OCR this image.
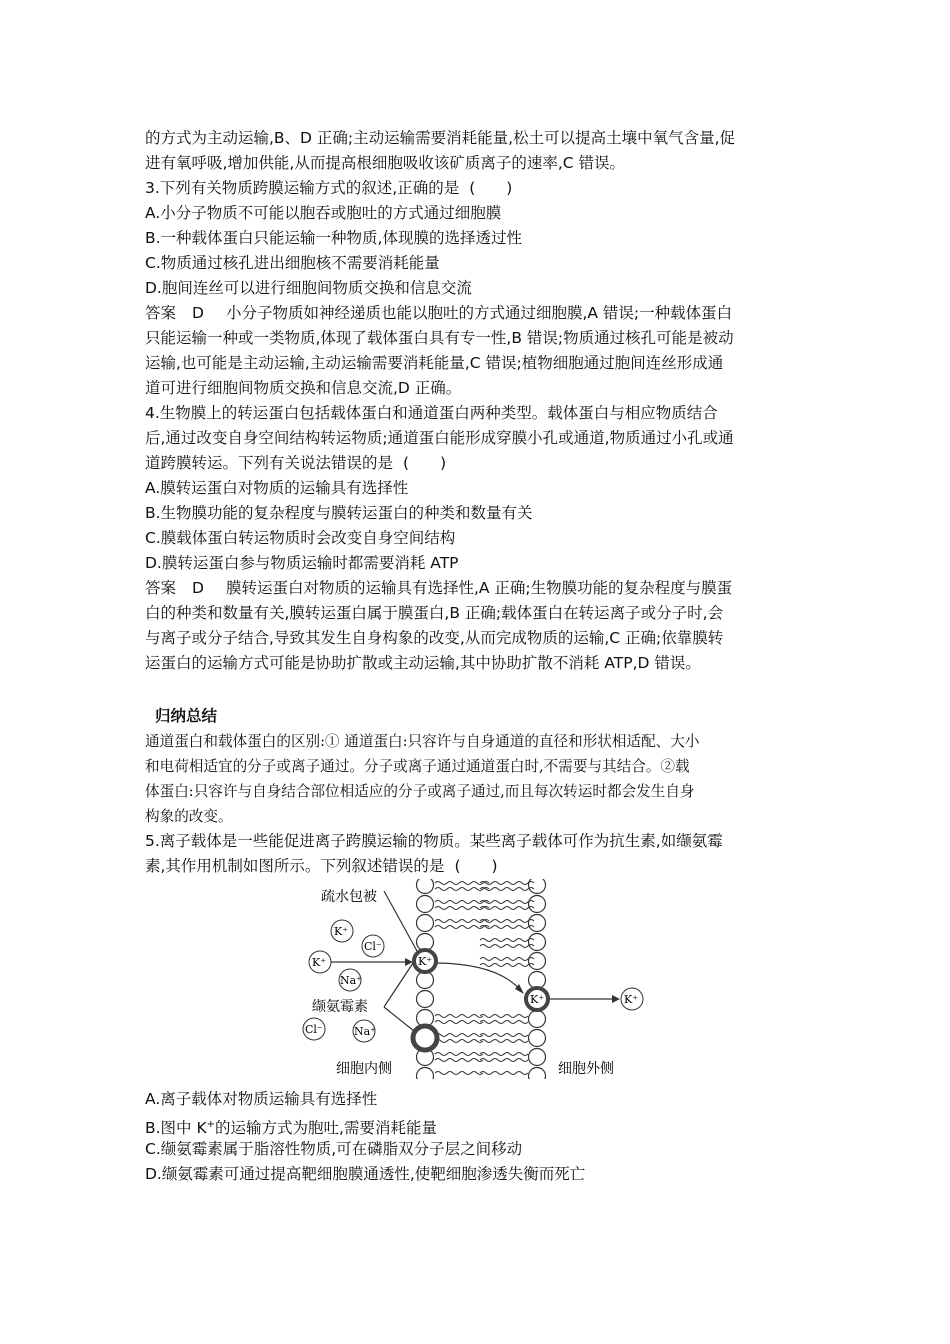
的方式为主动运输,B、D 正确;主动运输需要消耗能量,松土可以提高土壤中氧气含量,促
进有氧呼吸,增加供能,从而提高根细胞吸收该矿质离子的速率,C 错误。
3.下列有关物质跨膜运输方式的叙述,正确的是 (　　)
A.小分子物质不可能以胞吞或胞吐的方式通过细胞膜
B.一种载体蛋白只能运输一种物质,体现膜的选择透过性
C.物质通过核孔进出细胞核不需要消耗能量
D.胞间连丝可以进行细胞间物质交换和信息交流
答案 D 小分子物质如神经递质也能以胞吐的方式通过细胞膜,A 错误;一种载体蛋白
只能运输一种或一类物质,体现了载体蛋白具有专一性,B 错误;物质通过核孔可能是被动
运输,也可能是主动运输,主动运输需要消耗能量,C 错误;植物细胞通过胞间连丝形成通
道可进行细胞间物质交换和信息交流,D 正确。
4.生物膜上的转运蛋白包括载体蛋白和通道蛋白两种类型。载体蛋白与相应物质结合
后,通过改变自身空间结构转运物质;通道蛋白能形成穿膜小孔或通道,物质通过小孔或通
道跨膜转运。下列有关说法错误的是 (　　)
A.膜转运蛋白对物质的运输具有选择性
B.生物膜功能的复杂程度与膜转运蛋白的种类和数量有关
C.膜载体蛋白转运物质时会改变自身空间结构
D.膜转运蛋白参与物质运输时都需要消耗 ATP
答案 D 膜转运蛋白对物质的运输具有选择性,A 正确;生物膜功能的复杂程度与膜蛋
白的种类和数量有关,膜转运蛋白属于膜蛋白,B 正确;载体蛋白在转运离子或分子时,会
与离子或分子结合,导致其发生自身构象的改变,从而完成物质的运输,C 正确;依靠膜转
运蛋白的运输方式可能是协助扩散或主动运输,其中协助扩散不消耗 ATP,D 错误。
归纳总结
通道蛋白和载体蛋白的区别:① 通道蛋白:只容许与自身通道的直径和形状相适配、大小
和电荷相适宜的分子或离子通过。分子或离子通过通道蛋白时,不需要与其结合。②载
体蛋白:只容许与自身结合部位相适应的分子或离子通过,而且每次转运时都会发生自身
构象的改变。
5.离子载体是一些能促进离子跨膜运输的物质。某些离子载体可作为抗生素,如缬氨霉
素,其作用机制如图所示。下列叙述错误的是 (　　)
K⁺
K⁺
K⁺
Cl⁻
K⁺
Na⁺
Cl⁻	Na⁺
K⁺
疏水包被
缬氨霉素
细胞内侧	细胞外侧
A.离子载体对物质运输具有选择性
B.图中 K+的运输方式为胞吐,需要消耗能量
C.缬氨霉素属于脂溶性物质,可在磷脂双分子层之间移动
D.缬氨霉素可通过提高靶细胞膜通透性,使靶细胞渗透失衡而死亡
